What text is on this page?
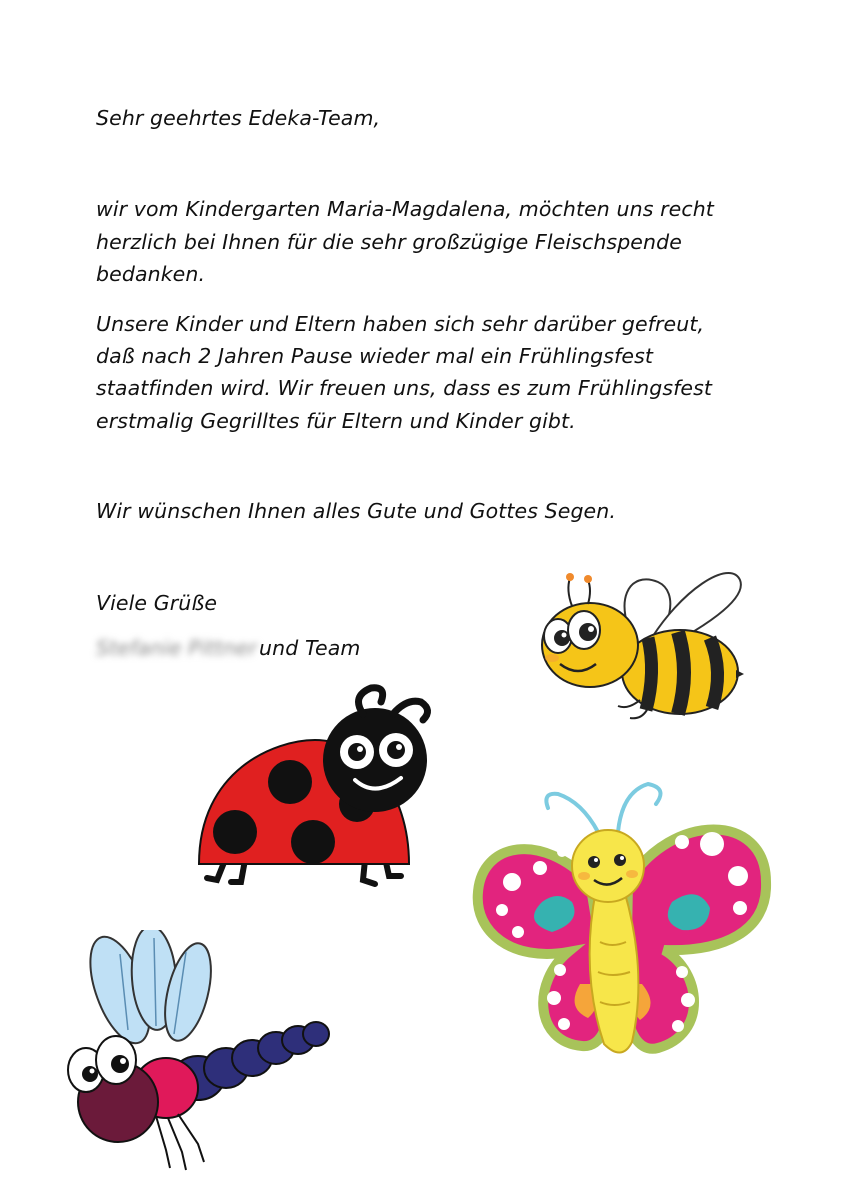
Sehr geehrtes Edeka-Team,
wir vom Kindergarten Maria-Magdalena, möchten uns recht
herzlich bei Ihnen für die sehr großzügige Fleischspende
bedanken.
Unsere Kinder und Eltern haben sich sehr darüber gefreut,
daß nach 2 Jahren Pause wieder mal ein Frühlingsfest
staatfinden wird. Wir freuen uns, dass es zum Frühlingsfest
erstmalig Gegrilltes für Eltern und Kinder gibt.
Wir wünschen Ihnen alles Gute und Gottes Segen.
Viele Grüße
Stefanie Pittnerund Team
